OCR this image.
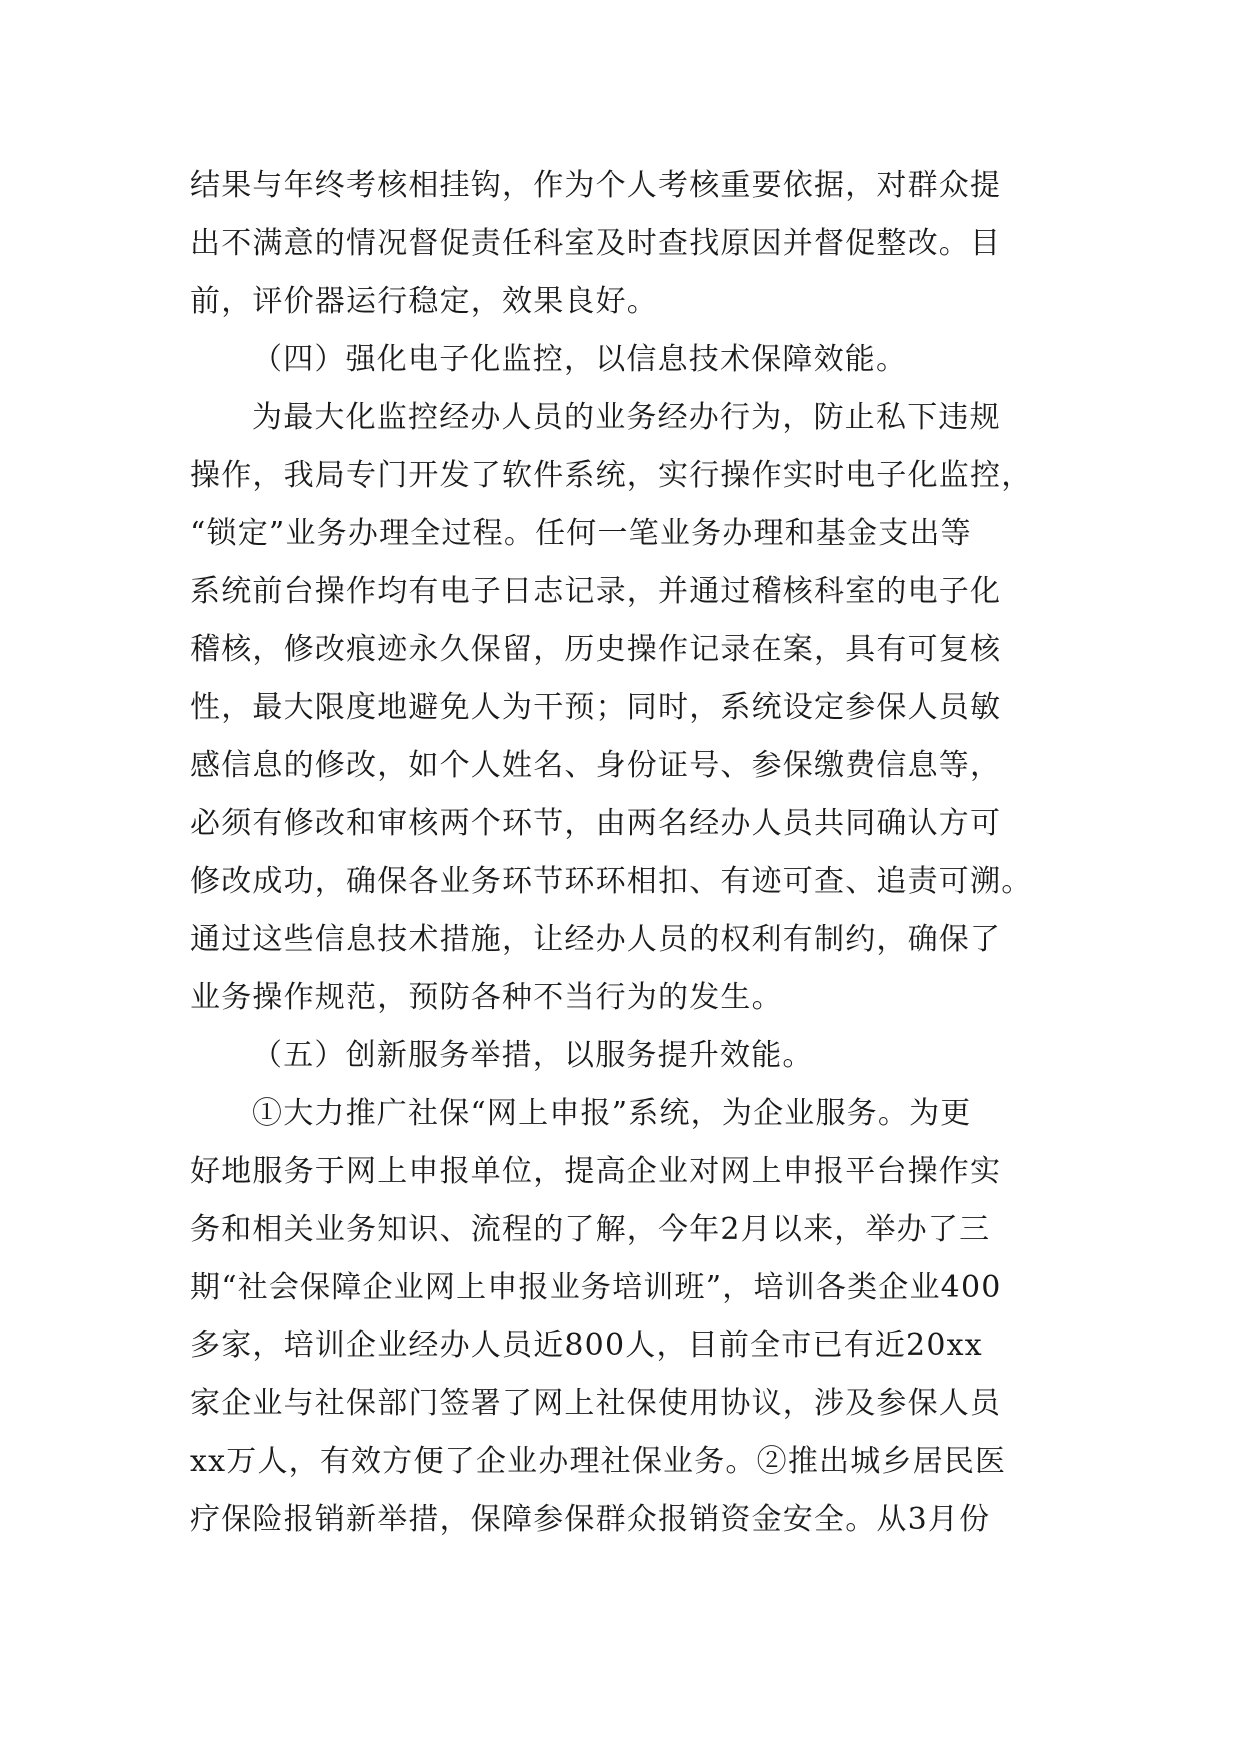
结果与年终考核相挂钩，作为个人考核重要依据，对群众提
出不满意的情况督促责任科室及时查找原因并督促整改。目
前，评价器运行稳定，效果良好。
（四）强化电子化监控，以信息技术保障效能。
为最大化监控经办人员的业务经办行为，防止私下违规
操作，我局专门开发了软件系统，实行操作实时电子化监控，
“锁定”业务办理全过程。任何一笔业务办理和基金支出等
系统前台操作均有电子日志记录，并通过稽核科室的电子化
稽核，修改痕迹永久保留，历史操作记录在案，具有可复核
性，最大限度地避免人为干预；同时，系统设定参保人员敏
感信息的修改，如个人姓名、身份证号、参保缴费信息等，
必须有修改和审核两个环节，由两名经办人员共同确认方可
修改成功，确保各业务环节环环相扣、有迹可查、追责可溯。
通过这些信息技术措施，让经办人员的权利有制约，确保了
业务操作规范，预防各种不当行为的发生。
（五）创新服务举措，以服务提升效能。
①大力推广社保“网上申报”系统，为企业服务。为更
好地服务于网上申报单位，提高企业对网上申报平台操作实
务和相关业务知识、流程的了解，今年2月以来，举办了三
期“社会保障企业网上申报业务培训班”，培训各类企业400
多家，培训企业经办人员近800人，目前全市已有近20xx
家企业与社保部门签署了网上社保使用协议，涉及参保人员
xx万人，有效方便了企业办理社保业务。②推出城乡居民医
疗保险报销新举措，保障参保群众报销资金安全。从3月份
